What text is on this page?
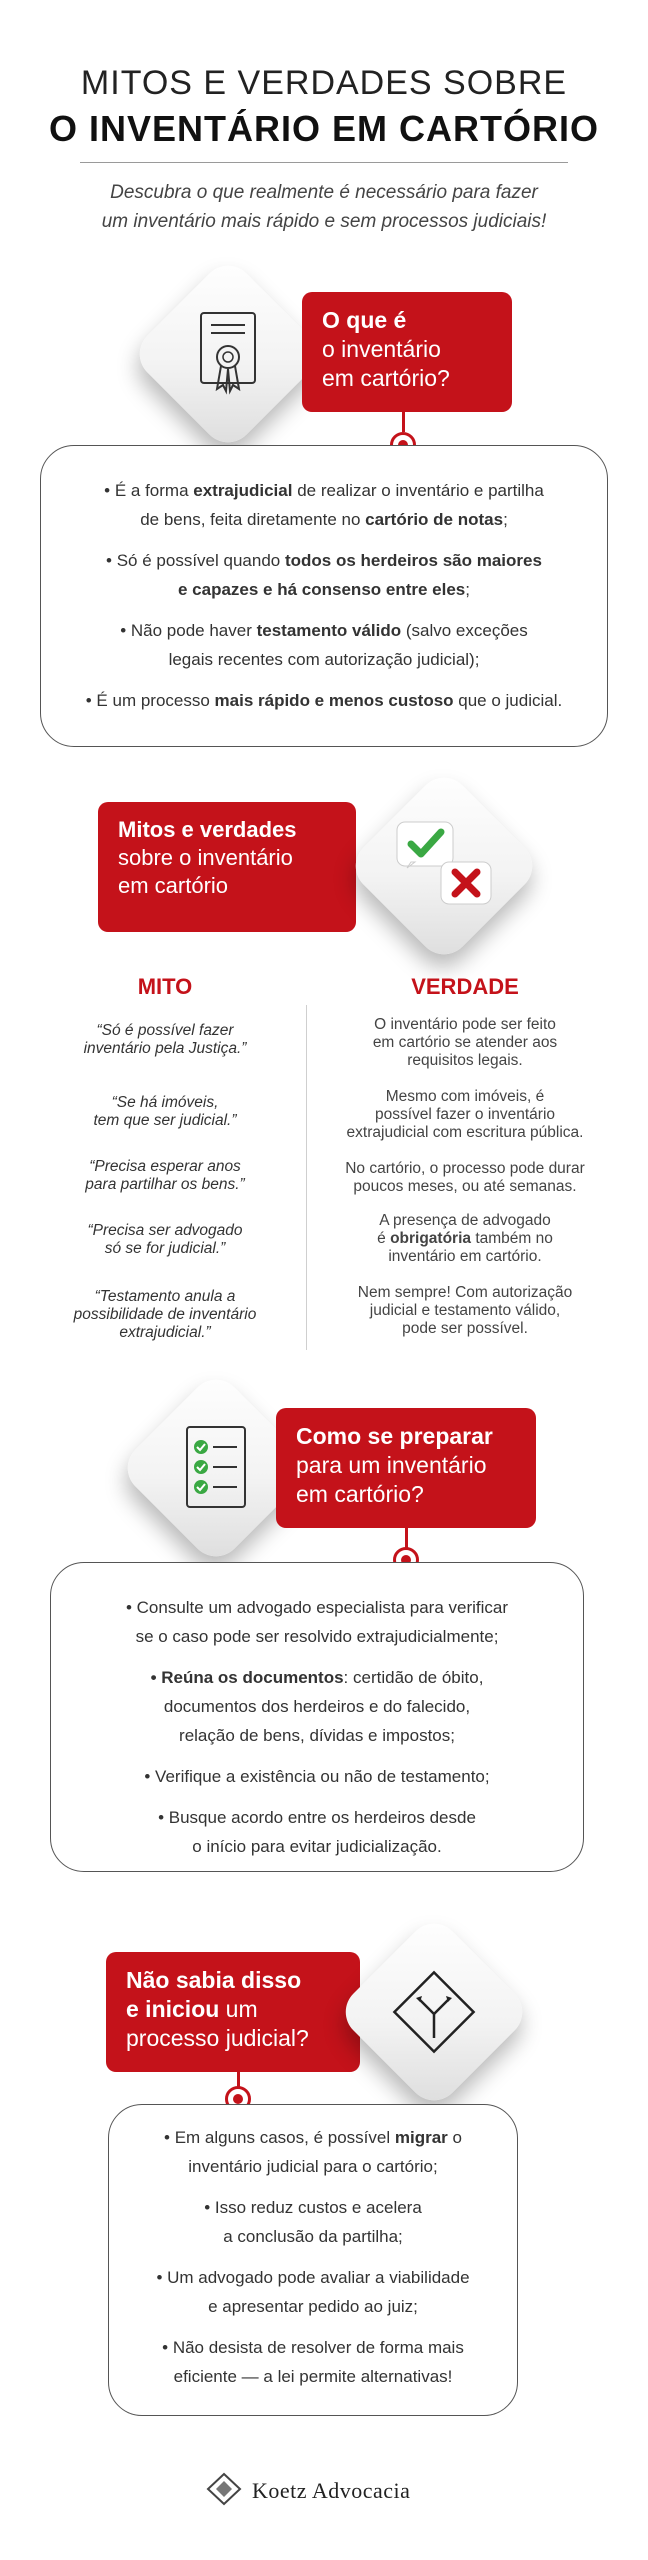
MITOS E VERDADES SOBRE
O INVENTÁRIO EM CARTÓRIO
Descubra o que realmente é necessário para fazer
um inventário mais rápido e sem processos judiciais!
O que é
o inventário
em cartório?

• É a forma extrajudicial de realizar o inventário e partilha
de bens, feita diretamente no cartório de notas;

• Só é possível quando todos os herdeiros são maiores
e capazes e há consenso entre eles;

• Não pode haver testamento válido (salvo exceções
legais recentes com autorização judicial);

• É um processo mais rápido e menos custoso que o judicial.

Mitos e verdades
sobre o inventário
em cartório
MITO	VERDADE
“Só é possível fazer
inventário pela Justiça.”
“Se há imóveis,
tem que ser judicial.”
“Precisa esperar anos
para partilhar os bens.”
“Precisa ser advogado
só se for judicial.”
“Testamento anula a
possibilidade de inventário
extrajudicial.”
O inventário pode ser feito
em cartório se atender aos
requisitos legais.
Mesmo com imóveis, é
possível fazer o inventário
extrajudicial com escritura pública.
No cartório, o processo pode durar
poucos meses, ou até semanas.
A presença de advogado
é obrigatória também no
inventário em cartório.
Nem sempre! Com autorização
judicial e testamento válido,
pode ser possível.
Como se preparar
para um inventário
em cartório?

• Consulte um advogado especialista para verificar
se o caso pode ser resolvido extrajudicialmente;

• Reúna os documentos: certidão de óbito,
documentos dos herdeiros e do falecido,
relação de bens, dívidas e impostos;

• Verifique a existência ou não de testamento;

• Busque acordo entre os herdeiros desde
o início para evitar judicialização.

Não sabia disso
e iniciou um
processo judicial?

• Em alguns casos, é possível migrar o
inventário judicial para o cartório;

• Isso reduz custos e acelera
a conclusão da partilha;

• Um advogado pode avaliar a viabilidade
e apresentar pedido ao juiz;

• Não desista de resolver de forma mais
eficiente — a lei permite alternativas!

Koetz Advocacia
